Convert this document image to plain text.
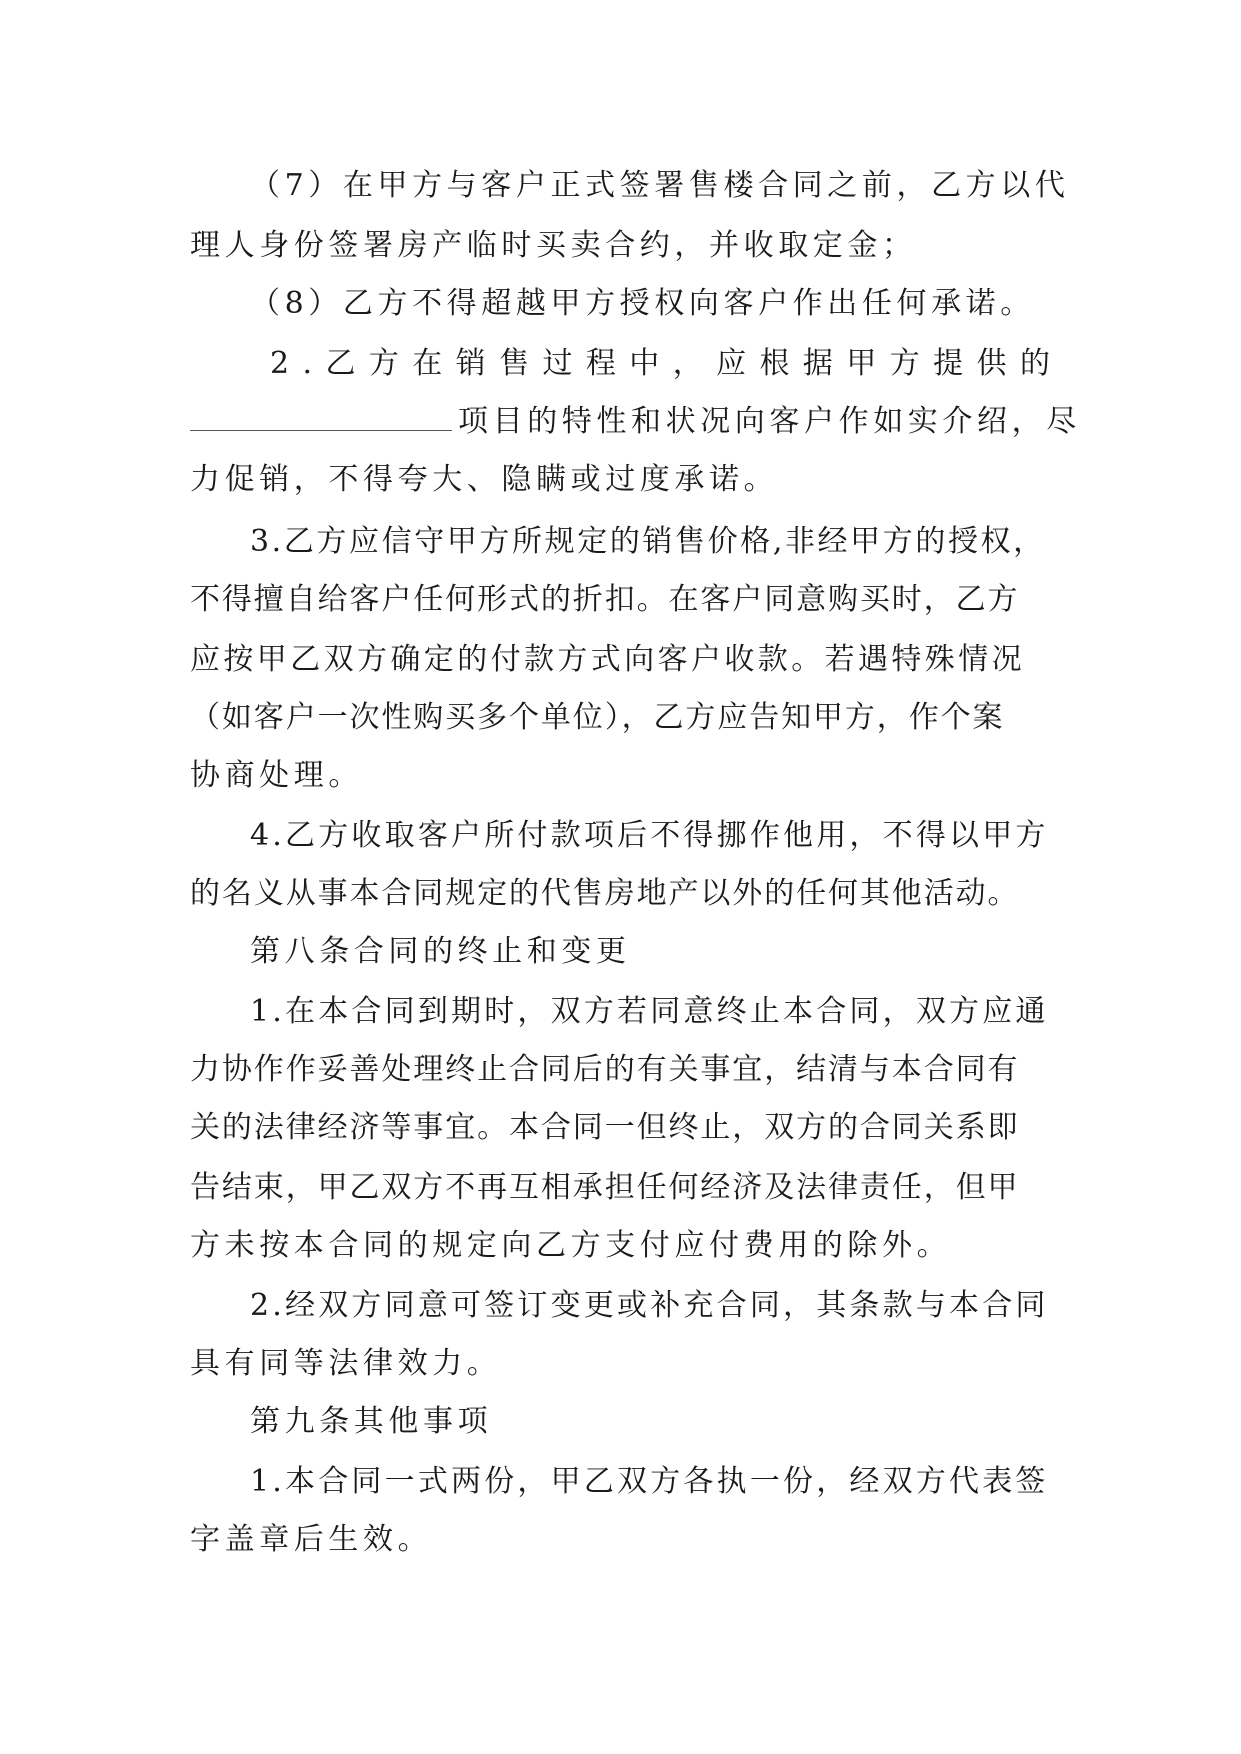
（7）在甲方与客户正式签署售楼合同之前，乙方以代
理人身份签署房产临时买卖合约，并收取定金；
（8）乙方不得超越甲方授权向客户作出任何承诺。
2 . 乙 方 在 销 售 过 程 中 ， 应 根 据 甲 方 提 供 的
项目的特性和状况向客户作如实介绍，尽
力促销，不得夸大、隐瞒或过度承诺。
3.乙方应信守甲方所规定的销售价格,非经甲方的授权，
不得擅自给客户任何形式的折扣。在客户同意购买时，乙方
应按甲乙双方确定的付款方式向客户收款。若遇特殊情况
（如客户一次性购买多个单位），乙方应告知甲方，作个案
协商处理。
4.乙方收取客户所付款项后不得挪作他用，不得以甲方
的名义从事本合同规定的代售房地产以外的任何其他活动。
第八条合同的终止和变更
1.在本合同到期时，双方若同意终止本合同，双方应通
力协作作妥善处理终止合同后的有关事宜，结清与本合同有
关的法律经济等事宜。本合同一但终止，双方的合同关系即
告结束，甲乙双方不再互相承担任何经济及法律责任，但甲
方未按本合同的规定向乙方支付应付费用的除外。
2.经双方同意可签订变更或补充合同，其条款与本合同
具有同等法律效力。
第九条其他事项
1.本合同一式两份，甲乙双方各执一份，经双方代表签
字盖章后生效。
